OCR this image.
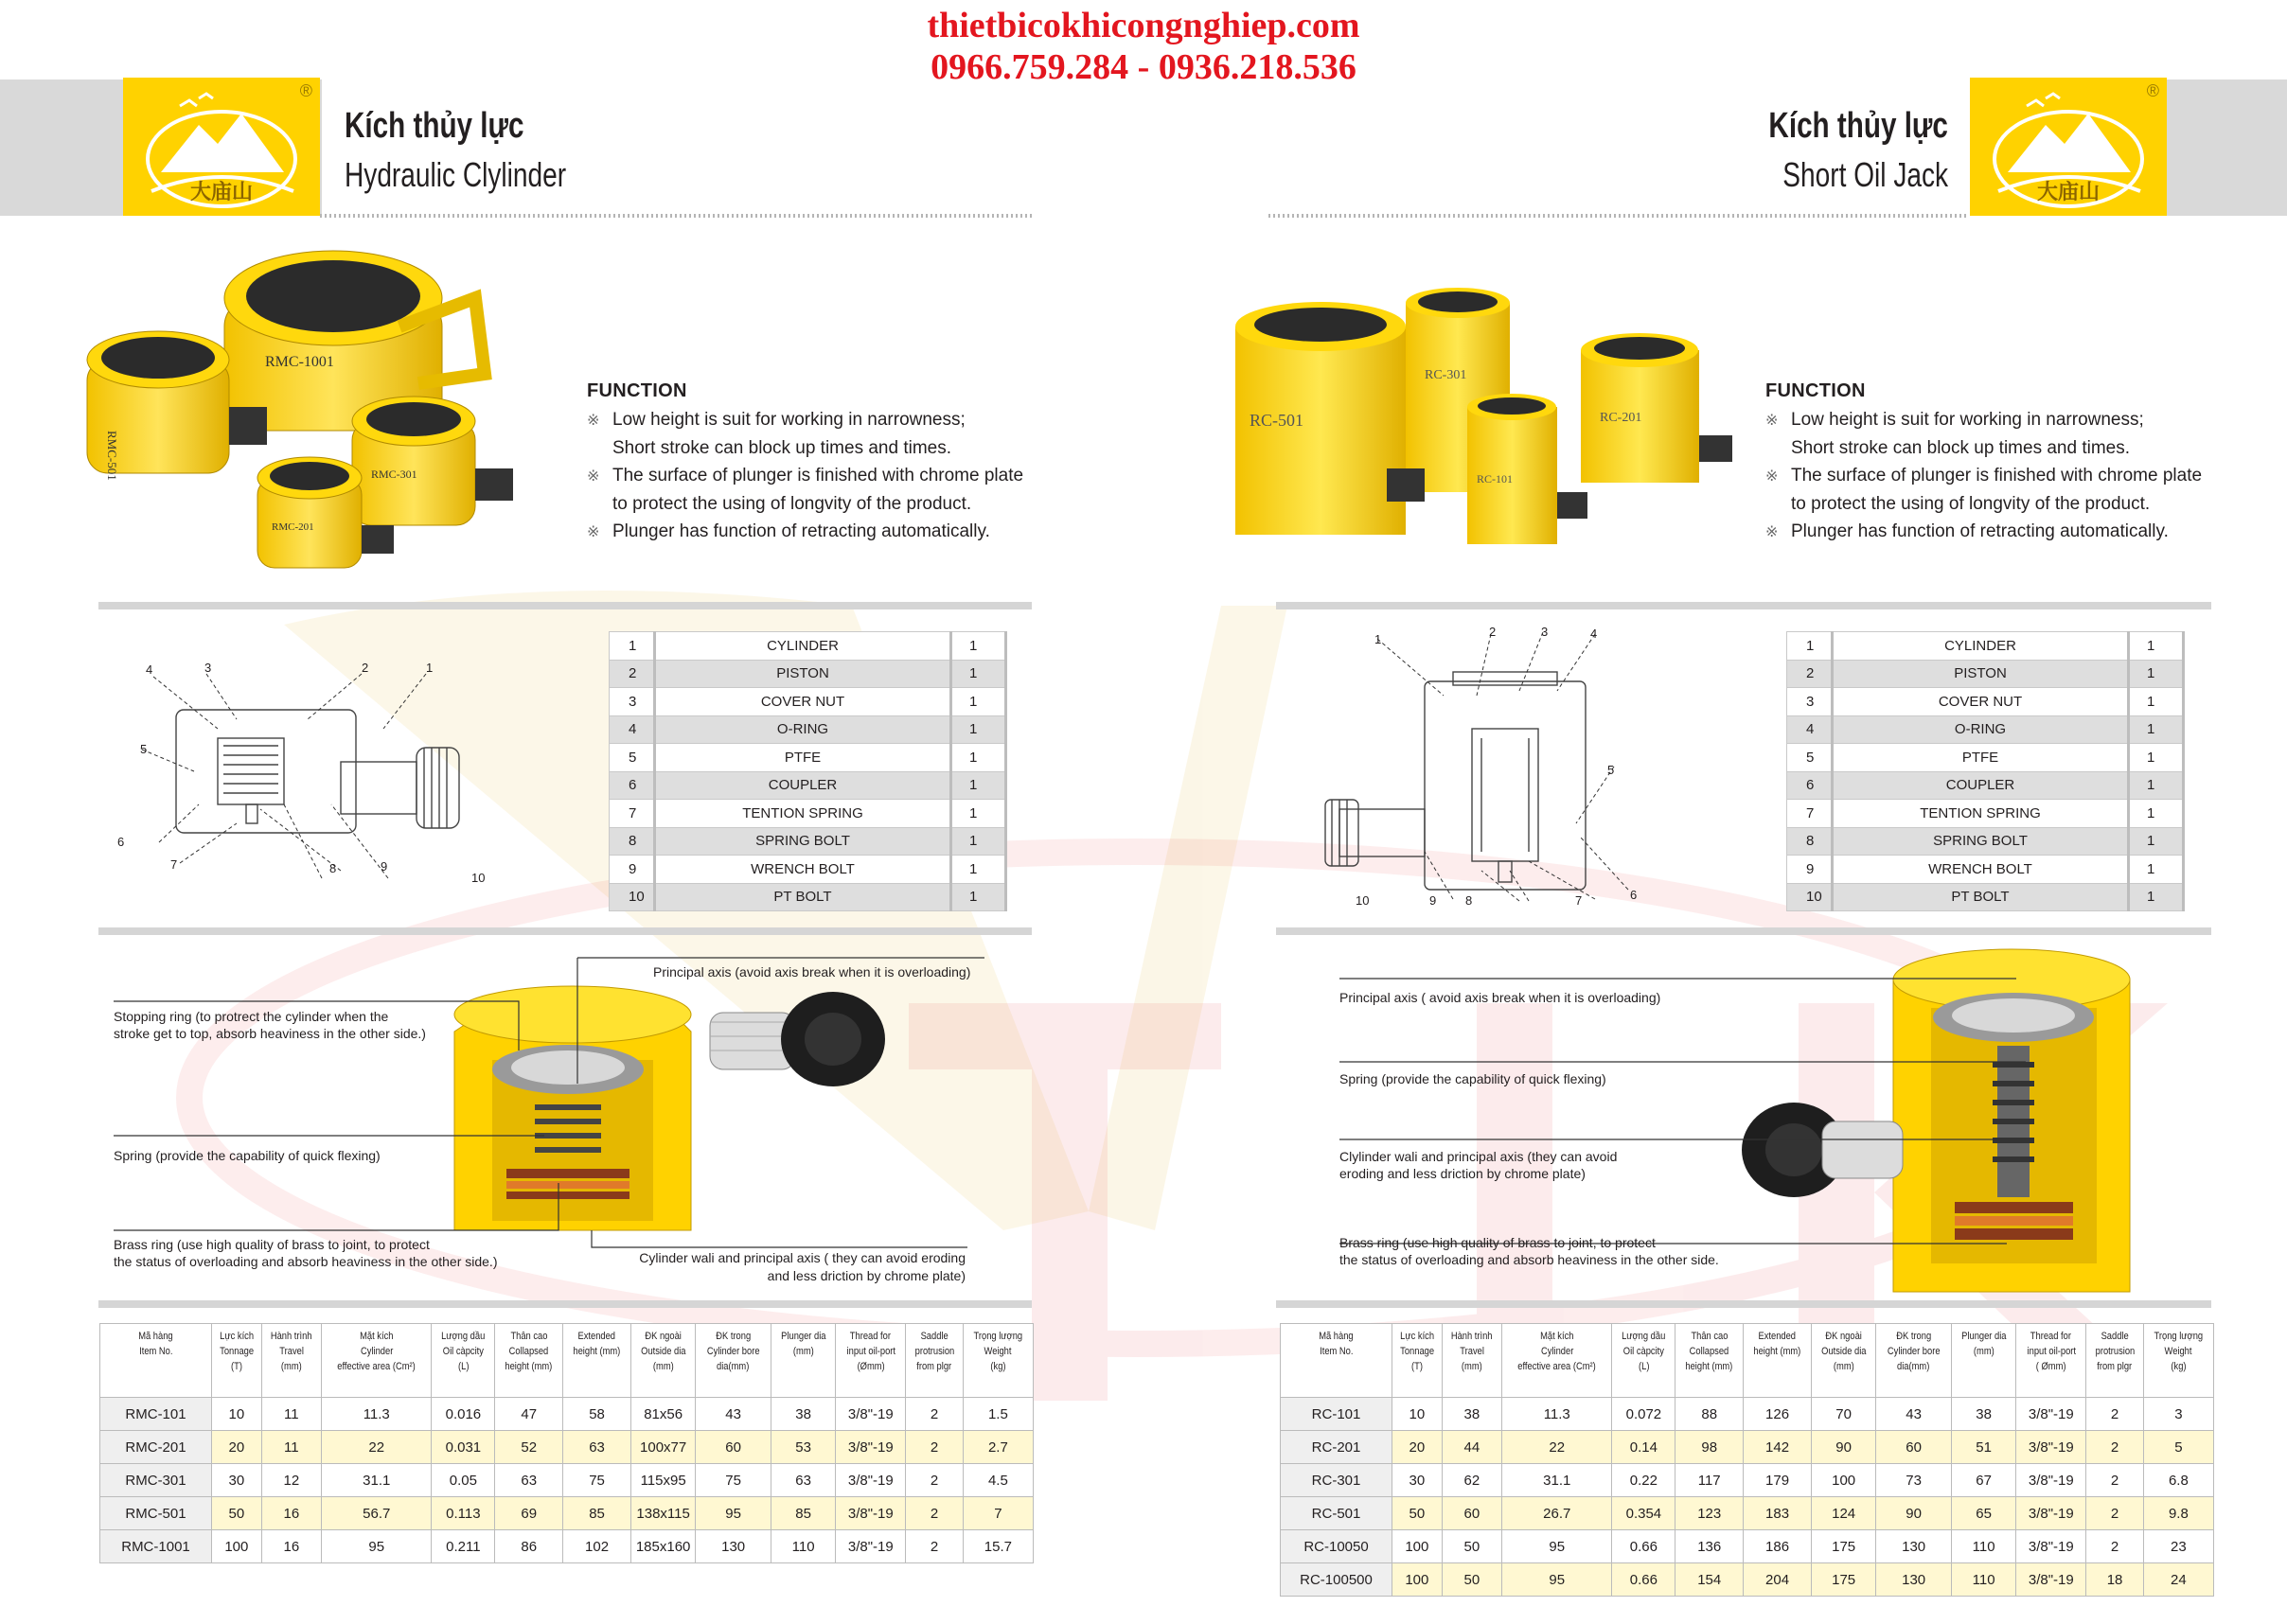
thietbicokhicongnghiep.com
0966.759.284 - 0936.218.536
大庙山
®
Kích thủy lực
Hydraulic Clylinder	大庙山
®
Kích thủy lực
Short Oil Jack
RMC-1001
RMC-501	RMC-301
RMC-201
RC-301
RC-201
RC-501
RC-101
FUNCTION
※ Low height is suit for working in narrowness;
Short stroke can block up times and times.
※ The surface of plunger is finished with chrome plate
to protect the using of longvity of the product.
※ Plunger has function of retracting automatically.
FUNCTION
※ Low height is suit for working in narrowness;
Short stroke can block up times and times.
※ The surface of plunger is finished with chrome plate
to protect the using of longvity of the product.
※ Plunger has function of retracting automatically.
4	3	2	1
5
6
7	8	9
10
1
2	3	4
5
6
7
8
9
10
1	CYLINDER	1
2	PISTON	1
3	COVER NUT	1
4	O-RING	1
5	PTFE	1
6	COUPLER	1
7	TENTION SPRING	1
8	SPRING BOLT	1
9	WRENCH BOLT	1
10	PT BOLT	1
1	CYLINDER	1
2	PISTON	1
3	COVER NUT	1
4	O-RING	1
5	PTFE	1
6	COUPLER	1
7	TENTION SPRING	1
8	SPRING BOLT	1
9	WRENCH BOLT	1
10	PT BOLT	1
Principal axis (avoid axis break when it is overloading)
Stopping ring (to protrect the cylinder when the
stroke get to top, absorb heaviness in the other side.)
Spring (provide the capability of quick flexing)
Brass ring (use high quality of brass to joint, to protect
the status of overloading and absorb heaviness in the other side.)	Cylinder wali and principal axis ( they can avoid eroding
and less driction by chrome plate)
Principal axis ( avoid axis break when it is overloading)
Spring (provide the capability of quick flexing)
Clylinder wali and principal axis (they can avoid
eroding and less driction by chrome plate)
Brass ring (use high quality of brass to joint, to protect
the status of overloading and absorb heaviness in the other side.
Mã hàng
Item No.	Lực kích
Tonnage
(T)	Hành trình
Travel
(mm)	Mặt kích
Cylinder
effective area (Cm²)	Lượng dầu
Oil càpcity
(L)	Thân cao
Collapsed
height (mm)	Extended
height (mm)	ĐK ngoài
Outside dia
(mm)	ĐK trong
Cylinder bore
dia(mm)	Plunger dia
(mm)	Thread for
input oil-port
(Ømm)	Saddle
protrusion
from plgr	Trọng lượng
Weight
(kg)

RMC-101	10	11	11.3	0.016	47	58	81x56	43	38	3/8"-19	2	1.5
RMC-201	20	11	22	0.031	52	63	100x77	60	53	3/8"-19	2	2.7
RMC-301	30	12	31.1	0.05	63	75	115x95	75	63	3/8"-19	2	4.5
RMC-501	50	16	56.7	0.113	69	85	138x115	95	85	3/8"-19	2	7
RMC-1001	100	16	95	0.211	86	102	185x160	130	110	3/8"-19	2	15.7
Mã hàng
Item No.	Lực kích
Tonnage
(T)	Hành trình
Travel
(mm)	Mặt kích
Cylinder
effective area (Cm²)	Lượng dầu
Oil càpcity
(L)	Thân cao
Collapsed
height (mm)	Extended
height (mm)	ĐK ngoài
Outside dia
(mm)	ĐK trong
Cylinder bore
dia(mm)	Plunger dia
(mm)	Thread for
input oil-port
( Ømm)	Saddle
protrusion
from plgr	Trọng lượng
Weight
(kg)

RC-101	10	38	11.3	0.072	88	126	70	43	38	3/8"-19	2	3
RC-201	20	44	22	0.14	98	142	90	60	51	3/8"-19	2	5
RC-301	30	62	31.1	0.22	117	179	100	73	67	3/8"-19	2	6.8
RC-501	50	60	26.7	0.354	123	183	124	90	65	3/8"-19	2	9.8
RC-10050	100	50	95	0.66	136	186	175	130	110	3/8"-19	2	23
RC-100500	100	50	95	0.66	154	204	175	130	110	3/8"-19	18	24
